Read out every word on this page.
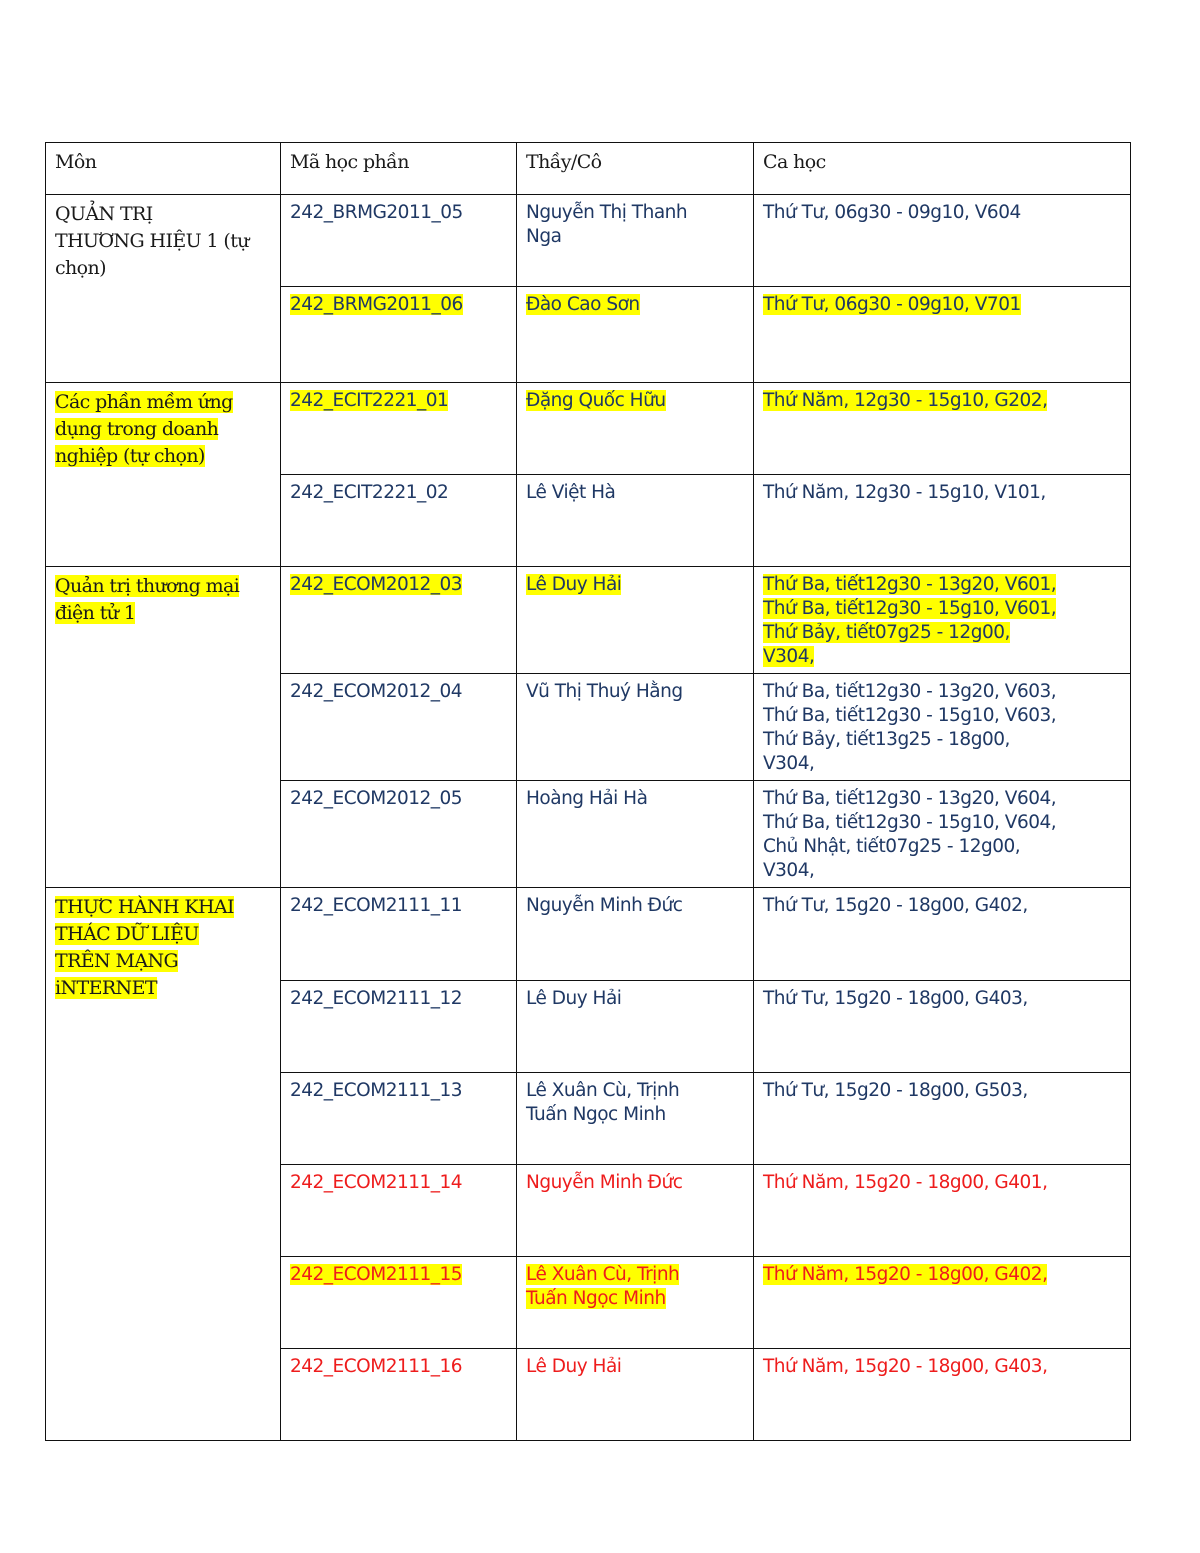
Môn	Mã học phần	Thầy/Cô	Ca học

QUẢN TRỊ
THƯƠNG HIỆU 1 (tự
chọn)	242_BRMG2011_05	Nguyễn Thị Thanh
Nga	Thứ Tư, 06g30 - 09g10, V604

	242_BRMG2011_06	Đào Cao Sơn	Thứ Tư, 06g30 - 09g10, V701

Các phần mềm ứng
dụng trong doanh
nghiệp (tự chọn)	242_ECIT2221_01	Đặng Quốc Hữu	Thứ Năm, 12g30 - 15g10, G202,

	242_ECIT2221_02	Lê Việt Hà	Thứ Năm, 12g30 - 15g10, V101,

Quản trị thương mại
điện tử 1	242_ECOM2012_03	Lê Duy Hải	Thứ Ba, tiết12g30 - 13g20, V601,
Thứ Ba, tiết12g30 - 15g10, V601,
Thứ Bảy, tiết07g25 - 12g00,
V304,

	242_ECOM2012_04	Vũ Thị Thuý Hằng	Thứ Ba, tiết12g30 - 13g20, V603,
Thứ Ba, tiết12g30 - 15g10, V603,
Thứ Bảy, tiết13g25 - 18g00,
V304,

	242_ECOM2012_05	Hoàng Hải Hà	Thứ Ba, tiết12g30 - 13g20, V604,
Thứ Ba, tiết12g30 - 15g10, V604,
Chủ Nhật, tiết07g25 - 12g00,
V304,

THỰC HÀNH KHAI
THÁC DỮ LIỆU
TRÊN MẠNG
iNTERNET	242_ECOM2111_11	Nguyễn Minh Đức	Thứ Tư, 15g20 - 18g00, G402,

	242_ECOM2111_12	Lê Duy Hải	Thứ Tư, 15g20 - 18g00, G403,

	242_ECOM2111_13	Lê Xuân Cù, Trịnh
Tuấn Ngọc Minh	Thứ Tư, 15g20 - 18g00, G503,

	242_ECOM2111_14	Nguyễn Minh Đức	Thứ Năm, 15g20 - 18g00, G401,

	242_ECOM2111_15	Lê Xuân Cù, Trịnh
Tuấn Ngọc Minh	Thứ Năm, 15g20 - 18g00, G402,

	242_ECOM2111_16	Lê Duy Hải	Thứ Năm, 15g20 - 18g00, G403,
